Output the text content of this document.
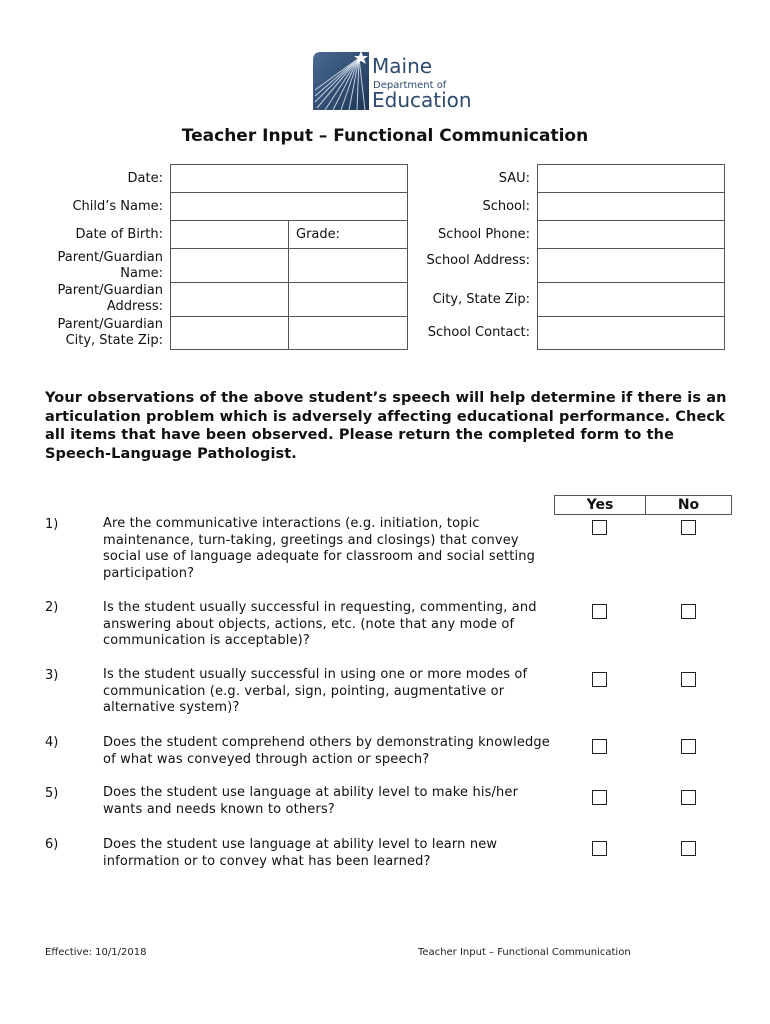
Maine
Department of
Education
Teacher Input – Functional Communication
Date:
Child’s Name:
Date of Birth:	Grade:
Parent/Guardian Name:
Parent/Guardian Address:
Parent/Guardian City, State Zip:
SAU:
School:
School Phone:
School Address:
City, State Zip:
School Contact:
Your observations of the above student’s speech will help determine if there is an articulation problem which is adversely affecting educational performance. Check all items that have been observed. Please return the completed form to the Speech-Language Pathologist.
Yes	No
1)	Are the communicative interactions (e.g. initiation, topic maintenance, turn-taking, greetings and closings) that convey social use of language adequate for classroom and social setting participation?
2)	Is the student usually successful in requesting, commenting, and answering about objects, actions, etc. (note that any mode of communication is acceptable)?
3)	Is the student usually successful in using one or more modes of communication (e.g. verbal, sign, pointing, augmentative or alternative system)?
4)	Does the student comprehend others by demonstrating knowledge of what was conveyed through action or speech?
5)	Does the student use language at ability level to make his/her wants and needs known to others?
6)	Does the student use language at ability level to learn new information or to convey what has been learned?
Effective: 10/1/2018	Teacher Input – Functional Communication
